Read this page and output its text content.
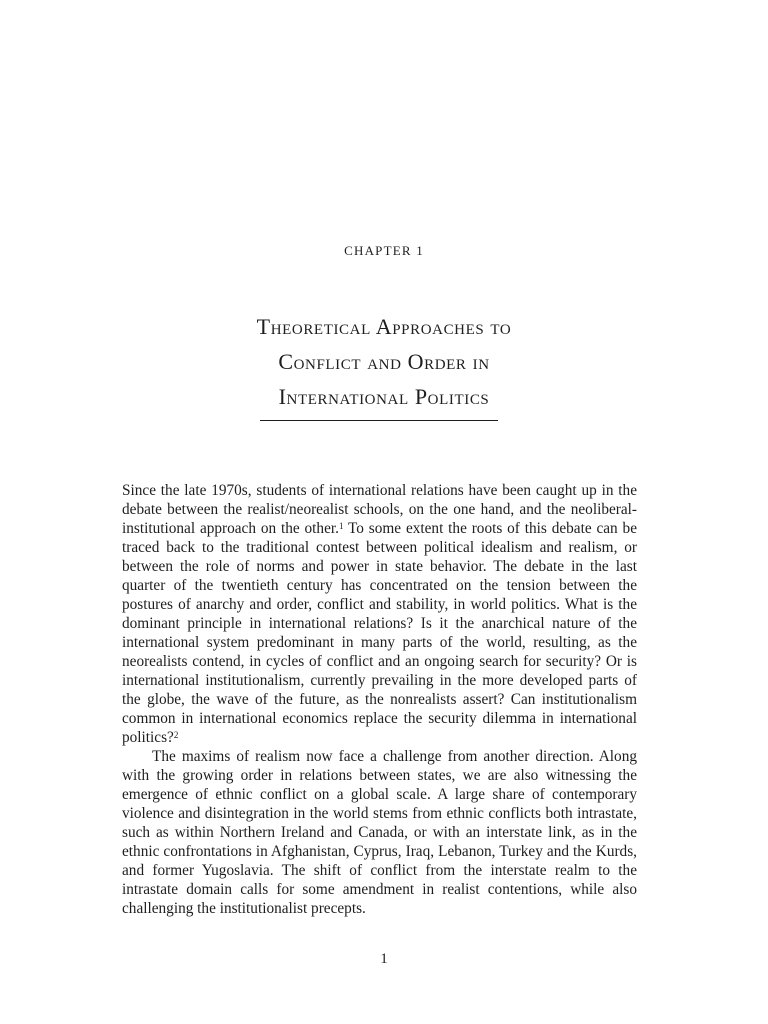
CHAPTER 1
Theoretical Approaches to
Conflict and Order in
International Politics

Since the late 1970s, students of international relations have been caught up in the debate between the realist/neorealist schools, on the one hand, and the neoliberal-institutional approach on the other.$^1$ To some extent the roots of this debate can be traced back to the traditional contest between political idealism and realism, or between the role of norms and power in state behavior. The debate in the last quarter of the twentieth century has concentrated on the tension between the postures of anarchy and order, conflict and stability, in world politics. What is the dominant principle in international relations? Is it the anarchical nature of the international system predominant in many parts of the world, resulting, as the neorealists contend, in cycles of conflict and an ongoing search for security? Or is international institutionalism, currently prevailing in the more developed parts of the globe, the wave of the future, as the nonrealists assert? Can institutionalism common in international economics replace the security dilemma in international politics?$^2$

The maxims of realism now face a challenge from another direction. Along with the growing order in relations between states, we are also witnessing the emergence of ethnic conflict on a global scale. A large share of contemporary violence and disintegration in the world stems from ethnic conflicts both intrastate, such as within Northern Ireland and Canada, or with an interstate link, as in the ethnic confrontations in Afghanistan, Cyprus, Iraq, Lebanon, Turkey and the Kurds, and former Yugoslavia. The shift of conflict from the interstate realm to the intrastate domain calls for some amendment in realist contentions, while also challenging the institutionalist precepts.

1
